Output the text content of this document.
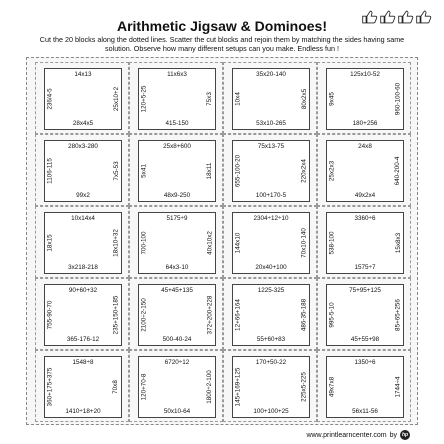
Arithmetic Jigsaw & Dominoes!
Cut the 20 blocks along the dotted lines. Scatter the cut blocks and rejoin them by matching the sides having same solution. Observe how many different setups can you make. Endless fun !
14x13
236/4-5	25x10+2
28x4x5
11x6x3
120+5-25	75x3
415-150
35x20-140
10x4	80x2x5
53x10-265
125x10-52
9x45	960-100-60
180+256
280x3-280
1106-115	7x5-53
99x2
25x8+600
5x41	18x11
48x9-250
75x13-75
655-100-20	220x2x4
100+170-5
24x8
25x2x3	640-200-4
49x2x4
10x14x4
18x15	18x10+32
3x218-218
5175÷9
700-100	40x10x2
64x3-10
2304÷12÷10
144x10	70x10-140
20x40+100
3360÷6
538-100	15x8x3
1575÷7
90+60+32
755-90-70	235+150+185
365-176-12
45+45+135
2100÷2-150	372+200+228
500-40-24
1225-325
12+66+164	486-35-188
55+60+83
75+95+125
995-5-10	85+65+256
45+55+98
1548÷8
360+175+375	70x8
1410÷18+20
6720÷12
120+70-8	1800÷2-100
50x10-64
170+50-22
145+169+125	225x5-225
100+100+25
1350÷6
49x7x8	1744÷4
56x11-56
www.printlearncenter.com by hp
